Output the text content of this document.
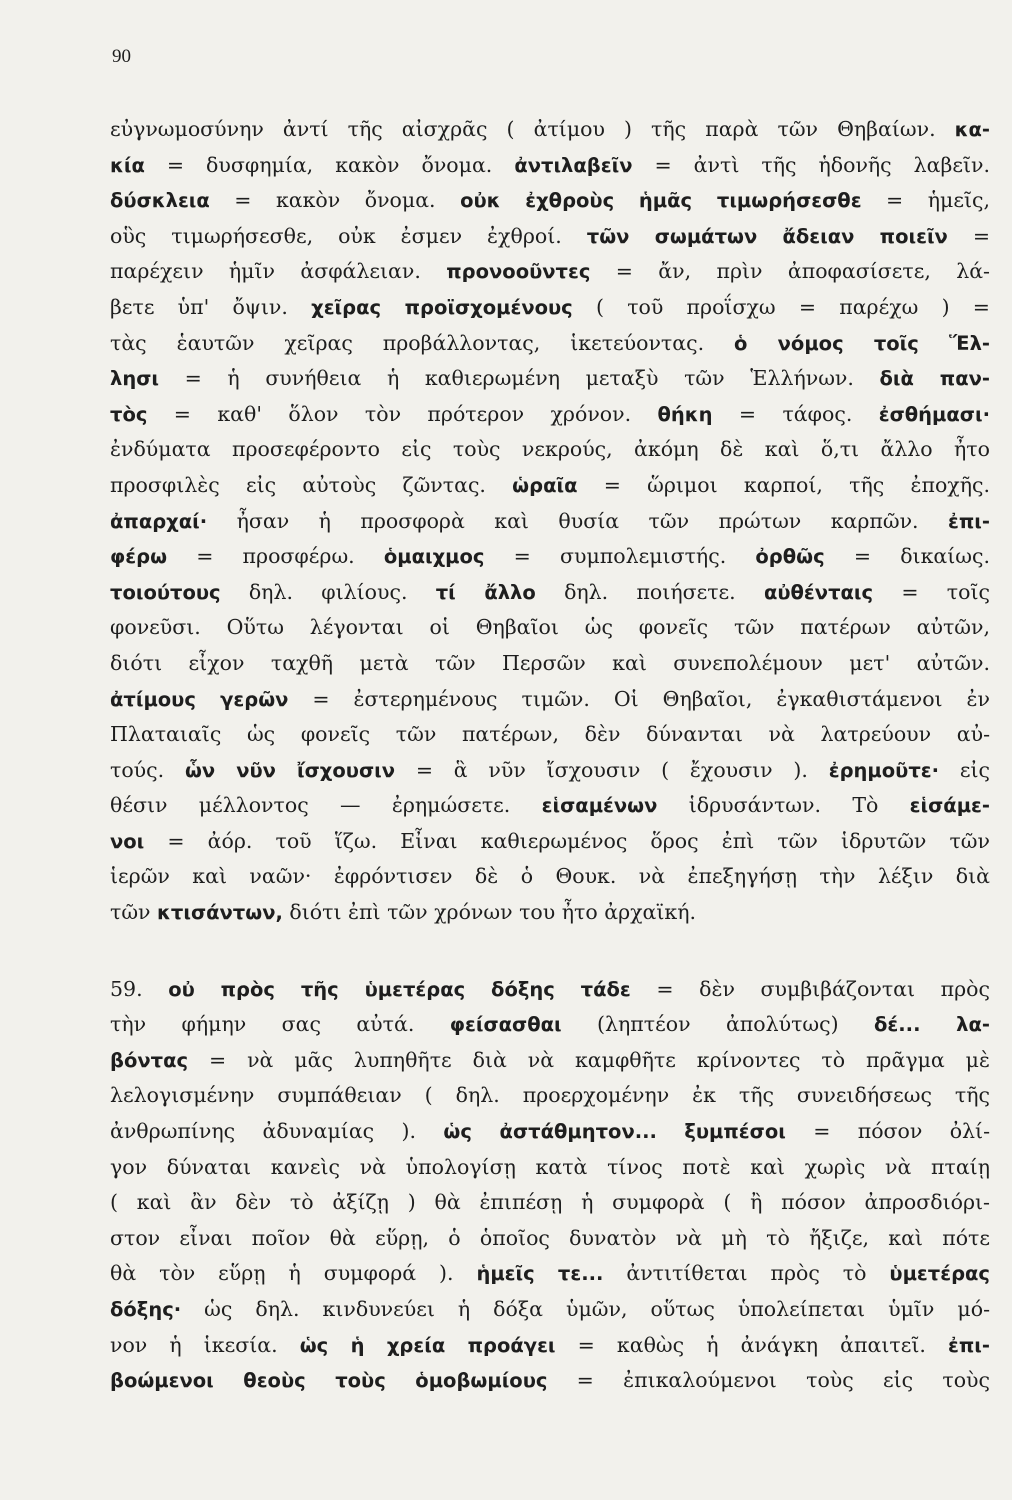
90
εὐγνωμοσύνην ἀντί τῆς αἰσχρᾶς ( ἀτίμου ) τῆς παρὰ τῶν Θηβαίων. κα-
κία = δυσφημία, κακὸν ὄνομα. ἀντιλαβεῖν = ἀντὶ τῆς ἡδονῆς λαβεῖν.
δύσκλεια = κακὸν ὄνομα. οὐκ ἐχθροὺς ἡμᾶς τιμωρήσεσθε = ἡμεῖς,
οὓς τιμωρήσεσθε, οὐκ ἐσμεν ἐχθροί. τῶν σωμάτων ἄδειαν ποιεῖν =
παρέχειν ἡμῖν ἀσφάλειαν. προνοοῦντες = ἄν, πρὶν ἀποφασίσετε, λά-
βετε ὑπ' ὄψιν. χεῖρας προϊσχομένους ( τοῦ προΐσχω = παρέχω ) =
τὰς ἑαυτῶν χεῖρας προβάλλοντας, ἱκετεύοντας. ὁ νόμος τοῖς Ἕλ-
λησι = ἡ συνήθεια ἡ καθιερωμένη μεταξὺ τῶν Ἑλλήνων. διὰ παν-
τὸς = καθ' ὅλον τὸν πρότερον χρόνον. θήκη = τάφος. ἐσθήμασι·
ἐνδύματα προσεφέροντο εἰς τοὺς νεκρούς, ἀκόμη δὲ καὶ ὅ,τι ἄλλο ἦτο
προσφιλὲς εἰς αὐτοὺς ζῶντας. ὡραῖα = ὥριμοι καρποί, τῆς ἐποχῆς.
ἀπαρχαί· ἦσαν ἡ προσφορὰ καὶ θυσία τῶν πρώτων καρπῶν. ἐπι-
φέρω = προσφέρω. ὁμαιχμος = συμπολεμιστής. ὀρθῶς = δικαίως.
τοιούτους δηλ. φιλίους. τί ἄλλο δηλ. ποιήσετε. αὐθένταις = τοῖς
φονεῦσι. Οὕτω λέγονται οἱ Θηβαῖοι ὡς φονεῖς τῶν πατέρων αὐτῶν,
διότι εἶχον ταχθῆ μετὰ τῶν Περσῶν καὶ συνεπολέμουν μετ' αὐτῶν.
ἀτίμους γερῶν = ἐστερημένους τιμῶν. Οἱ Θηβαῖοι, ἐγκαθιστάμενοι ἐν
Πλαταιαῖς ὡς φονεῖς τῶν πατέρων, δὲν δύνανται νὰ λατρεύουν αὐ-
τούς. ὧν νῦν ἴσχουσιν = ἃ νῦν ἴσχουσιν ( ἔχουσιν ). ἐρημοῦτε· εἰς
θέσιν μέλλοντος — ἐρημώσετε. εἱσαμένων ἱδρυσάντων. Τὸ εἱσάμε-
νοι = ἀόρ. τοῦ ἵζω. Εἶναι καθιερωμένος ὅρος ἐπὶ τῶν ἱδρυτῶν τῶν
ἱερῶν καὶ ναῶν· ἐφρόντισεν δὲ ὁ Θουκ. νὰ ἐπεξηγήσῃ τὴν λέξιν διὰ
τῶν κτισάντων, διότι ἐπὶ τῶν χρόνων του ἦτο ἀρχαϊκή.
59. οὐ πρὸς τῆς ὑμετέρας δόξης τάδε = δὲν συμβιβάζονται πρὸς
τὴν φήμην σας αὐτά. φείσασθαι (ληπτέον ἀπολύτως) δέ... λα-
βόντας = νὰ μᾶς λυπηθῆτε διὰ νὰ καμφθῆτε κρίνοντες τὸ πρᾶγμα μὲ
λελογισμένην συμπάθειαν ( δηλ. προερχομένην ἐκ τῆς συνειδήσεως τῆς
ἀνθρωπίνης ἀδυναμίας ). ὡς ἀστάθμητον... ξυμπέσοι = πόσον ὀλί-
γον δύναται κανεὶς νὰ ὑπολογίσῃ κατὰ τίνος ποτὲ καὶ χωρὶς νὰ πταίῃ
( καὶ ἂν δὲν τὸ ἀξίζῃ ) θὰ ἐπιπέσῃ ἡ συμφορὰ ( ἢ πόσον ἀπροσδιόρι-
στον εἶναι ποῖον θὰ εὕρῃ, ὁ ὁποῖος δυνατὸν νὰ μὴ τὸ ἤξιζε, καὶ πότε
θὰ τὸν εὕρῃ ἡ συμφορά ). ἡμεῖς τε... ἀντιτίθεται πρὸς τὸ ὑμετέρας
δόξης· ὡς δηλ. κινδυνεύει ἡ δόξα ὑμῶν, οὕτως ὑπολείπεται ὑμῖν μό-
νον ἡ ἱκεσία. ὡς ἡ χρεία προάγει = καθὼς ἡ ἀνάγκη ἀπαιτεῖ. ἐπι-
βοώμενοι θεοὺς τοὺς ὁμοβωμίους = ἐπικαλούμενοι τοὺς εἰς τοὺς
